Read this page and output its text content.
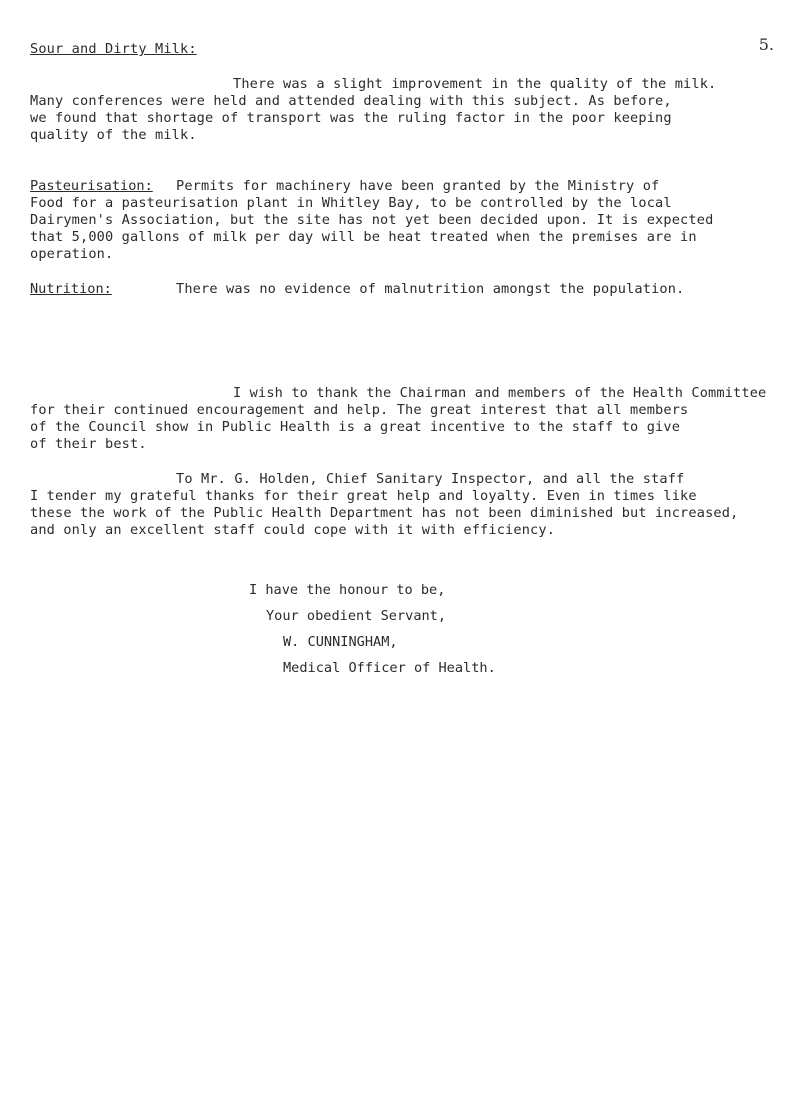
5.
Sour and Dirty Milk:
There was a slight improvement in the quality of the milk.
Many conferences were held and attended dealing with this subject. As before,
we found that shortage of transport was the ruling factor in the poor keeping
quality of the milk.
Pasteurisation: Permits for machinery have been granted by the Ministry of
Food for a pasteurisation plant in Whitley Bay, to be controlled by the local
Dairymen's Association, but the site has not yet been decided upon. It is expected
that 5,000 gallons of milk per day will be heat treated when the premises are in
operation.
Nutrition:	There was no evidence of malnutrition amongst the population.
I wish to thank the Chairman and members of the Health Committee
for their continued encouragement and help. The great interest that all members
of the Council show in Public Health is a great incentive to the staff to give
of their best.
To Mr. G. Holden, Chief Sanitary Inspector, and all the staff
I tender my grateful thanks for their great help and loyalty. Even in times like
these the work of the Public Health Department has not been diminished but increased,
and only an excellent staff could cope with it with efficiency.
I have the honour to be,
Your obedient Servant,
W. CUNNINGHAM,
Medical Officer of Health.
